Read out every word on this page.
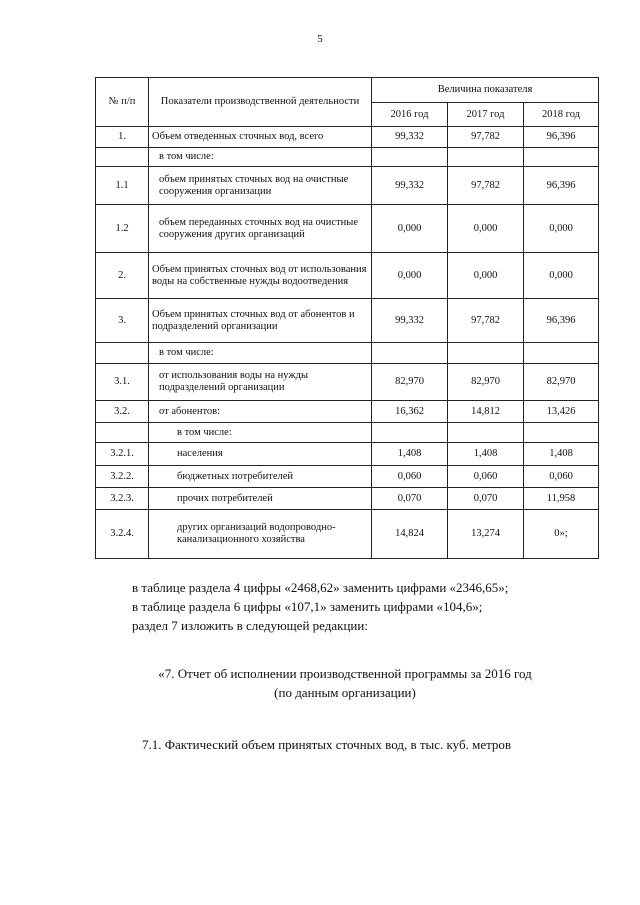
5
№ п/п	Показатели производственной деятельности	Величина показателя		
		2016 год	2017 год	2018 год
1.	Объем отведенных сточных вод, всего	99,332	97,782	96,396
	в том числе:			
1.1	объем принятых сточных вод на очистные сооружения организации	99,332	97,782	96,396
1.2	объем переданных сточных вод на очистные сооружения других организаций	0,000	0,000	0,000
2.	Объем принятых сточных вод от использования воды на собственные нужды водоотведения	0,000	0,000	0,000
3.	Объем принятых сточных вод от абонентов и подразделений организации	99,332	97,782	96,396
	в том числе:			
3.1.	от использования воды на нужды подразделений организации	82,970	82,970	82,970
3.2.	от абонентов:	16,362	14,812	13,426
	в том числе:			
3.2.1.	населения	1,408	1,408	1,408
3.2.2.	бюджетных потребителей	0,060	0,060	0,060
3.2.3.	прочих потребителей	0,070	0,070	11,958
3.2.4.	других организаций водопроводно-канализационного хозяйства	14,824	13,274	0»;

в таблице раздела 4 цифры «2468,62» заменить цифрами «2346,65»;

в таблице раздела 6 цифры «107,1» заменить цифрами «104,6»;

раздел 7 изложить в следующей редакции:

«7. Отчет об исполнении производственной программы за 2016 год
(по данным организации)
7.1. Фактический объем принятых сточных вод, в тыс. куб. метров
